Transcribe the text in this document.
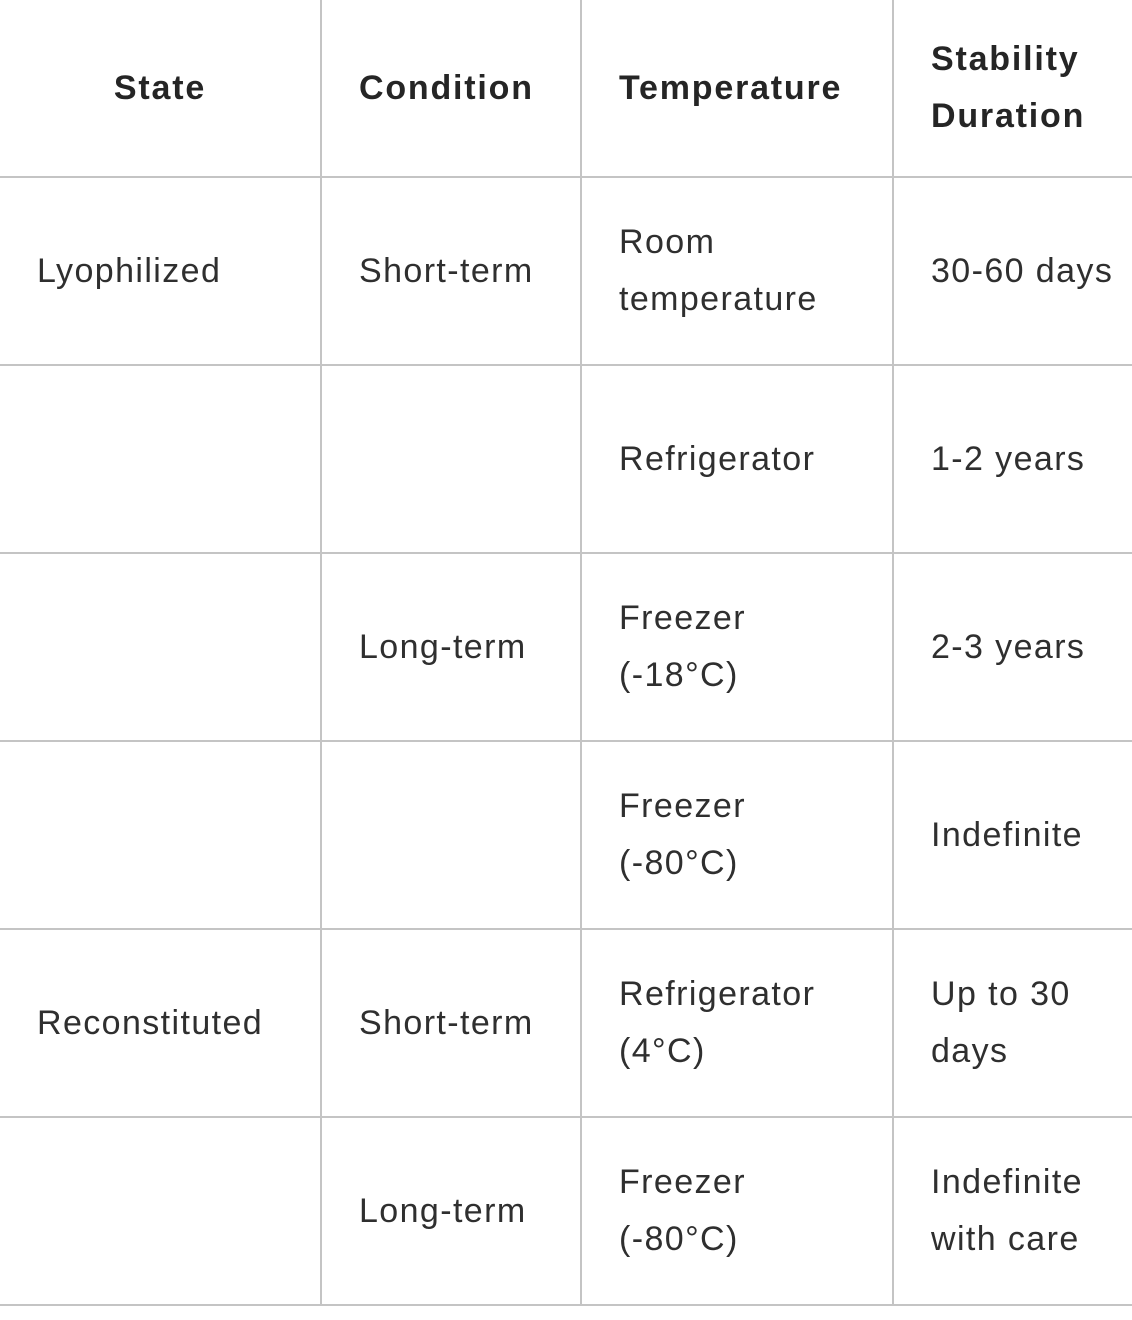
State	Condition	Temperature	Stability Duration
Lyophilized	Short-term	Room temperature	30-60 days
		Refrigerator	1-2 years
	Long-term	Freezer (-18°C)	2-3 years
		Freezer (-80°C)	Indefinite
Reconstituted	Short-term	Refrigerator (4°C)	Up to 30 days
	Long-term	Freezer (-80°C)	Indefinite with care
